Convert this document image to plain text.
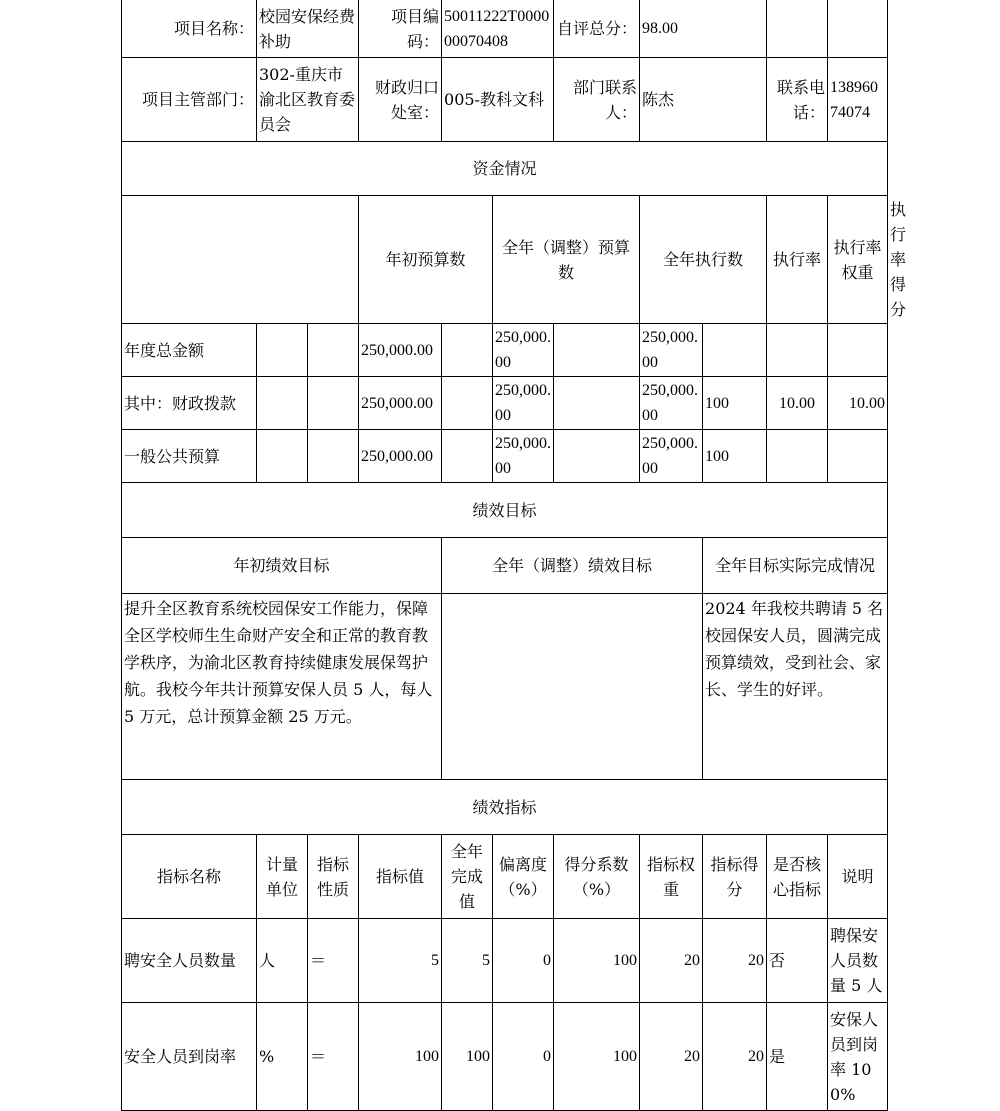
项目名称：	校园安保经费补助		项目编码：	50011222T000000070408		自评总分：	98.00				
项目主管部门：	302-重庆市渝北区教育委员会		财政归口处室：	005-教科文科		部门联系人：	陈杰		联系电话：	13896074074	
资金情况											
			年初预算数		全年（调整）预算数		全年执行数		执行率	执行率权重	执行率得分
年度总金额			250,000.00		250,000.00		250,000.00				
其中：财政拨款			250,000.00		250,000.00		250,000.00	100	10.00	10.00	
一般公共预算			250,000.00		250,000.00		250,000.00	100			
绩效目标											
年初绩效目标				全年（调整）绩效目标				全年目标实际完成情况			
提升全区教育系统校园保安工作能力，保障全区学校师生生命财产安全和正常的教育教学秩序，为渝北区教育持续健康发展保驾护航。我校今年共计预算安保人员 5 人，每人 5 万元，总计预算金额 25 万元。								2024 年我校共聘请 5 名校园保安人员，圆满完成预算绩效，受到社会、家长、学生的好评。			
绩效指标											
指标名称	计量单位	指标性质	指标值	全年完成值	偏离度（%）	得分系数（%）	指标权重	指标得分	是否核心指标	说明	
聘安全人员数量	人	＝	5	5	0	100	20	20	否	聘保安人员数量 5 人	
安全人员到岗率	%	＝	100	100	0	100	20	20	是	安保人员到岗率 100%	
